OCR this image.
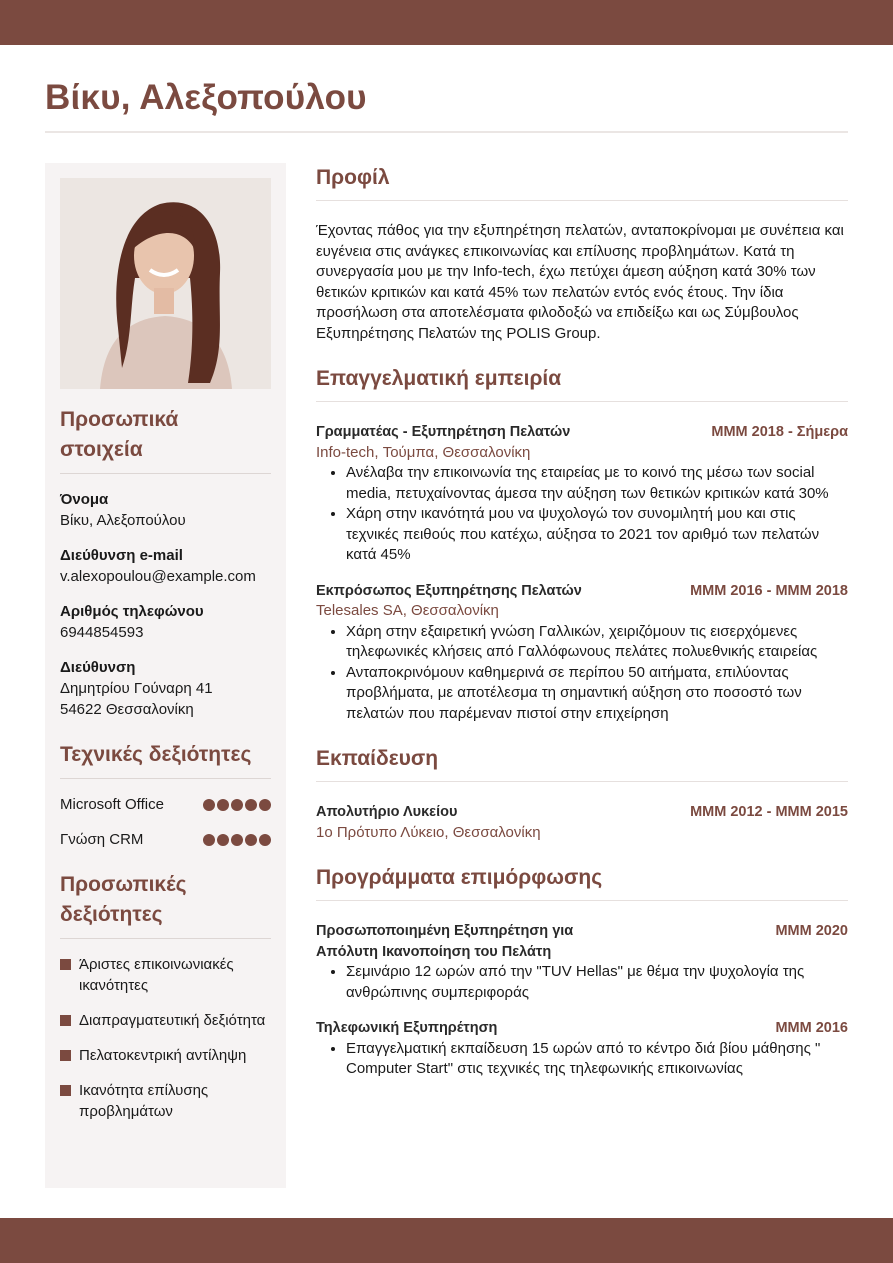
Βίκυ, Αλεξοπούλου
Προσωπικά στοιχεία
Όνομα
Βίκυ, Αλεξοπούλου
Διεύθυνση e-mail
v.alexopoulou@example.com
Αριθμός τηλεφώνου
6944854593
Διεύθυνση
Δημητρίου Γούναρη 41
54622 Θεσσαλονίκη
Τεχνικές δεξιότητες
Microsoft Office
Γνώση CRM
Προσωπικές δεξιότητες
Άριστες επικοινωνιακές ικανότητες
Διαπραγματευτική δεξιότητα
Πελατοκεντρική αντίληψη
Ικανότητα επίλυσης προβλημάτων
Προφίλ

Έχοντας πάθος για την εξυπηρέτηση πελατών, ανταποκρίνομαι με συνέπεια και ευγένεια στις ανάγκες επικοινωνίας και επίλυσης προβλημάτων. Κατά τη συνεργασία μου με την Info-tech, έχω πετύχει άμεση αύξηση κατά 30% των θετικών κριτικών και κατά 45% των πελατών εντός ενός έτους. Την ίδια προσήλωση στα αποτελέσματα φιλοδοξώ να επιδείξω και ως Σύμβουλος Εξυπηρέτησης Πελατών της POLIS Group.

Επαγγελματική εμπειρία
Γραμματέας - Εξυπηρέτηση Πελατών	ΜΜΜ 2018 - Σήμερα
Info-tech, Τούμπα, Θεσσαλονίκη
• Ανέλαβα την επικοινωνία της εταιρείας με το κοινό της μέσω των social media, πετυχαίνοντας άμεσα την αύξηση των θετικών κριτικών κατά 30%
• Χάρη στην ικανότητά μου να ψυχολογώ τον συνομιλητή μου και στις τεχνικές πειθούς που κατέχω, αύξησα το 2021 τον αριθμό των πελατών κατά 45%
Εκπρόσωπος Εξυπηρέτησης Πελατών	ΜΜΜ 2016 - ΜΜΜ 2018
Telesales SA, Θεσσαλονίκη
• Χάρη στην εξαιρετική γνώση Γαλλικών, χειριζόμουν τις εισερχόμενες τηλεφωνικές κλήσεις από Γαλλόφωνους πελάτες πολυεθνικής εταιρείας
• Ανταποκρινόμουν καθημερινά σε περίπου 50 αιτήματα, επιλύοντας προβλήματα, με αποτέλεσμα τη σημαντική αύξηση στο ποσοστό των πελατών που παρέμεναν πιστοί στην επιχείρηση
Εκπαίδευση
Απολυτήριο Λυκείου	ΜΜΜ 2012 - ΜΜΜ 2015
1ο Πρότυπο Λύκειο, Θεσσαλονίκη
Προγράμματα επιμόρφωσης
Προσωποποιημένη Εξυπηρέτηση για
Απόλυτη Ικανοποίηση του Πελάτη
ΜΜΜ 2020
• Σεμινάριο 12 ωρών από την "TUV Hellas" με θέμα την ψυχολογία της ανθρώπινης συμπεριφοράς
Τηλεφωνική Εξυπηρέτηση	ΜΜΜ 2016
• Επαγγελματική εκπαίδευση 15 ωρών από το κέντρο διά βίου μάθησης " Computer Start" στις τεχνικές της τηλεφωνικής επικοινωνίας
